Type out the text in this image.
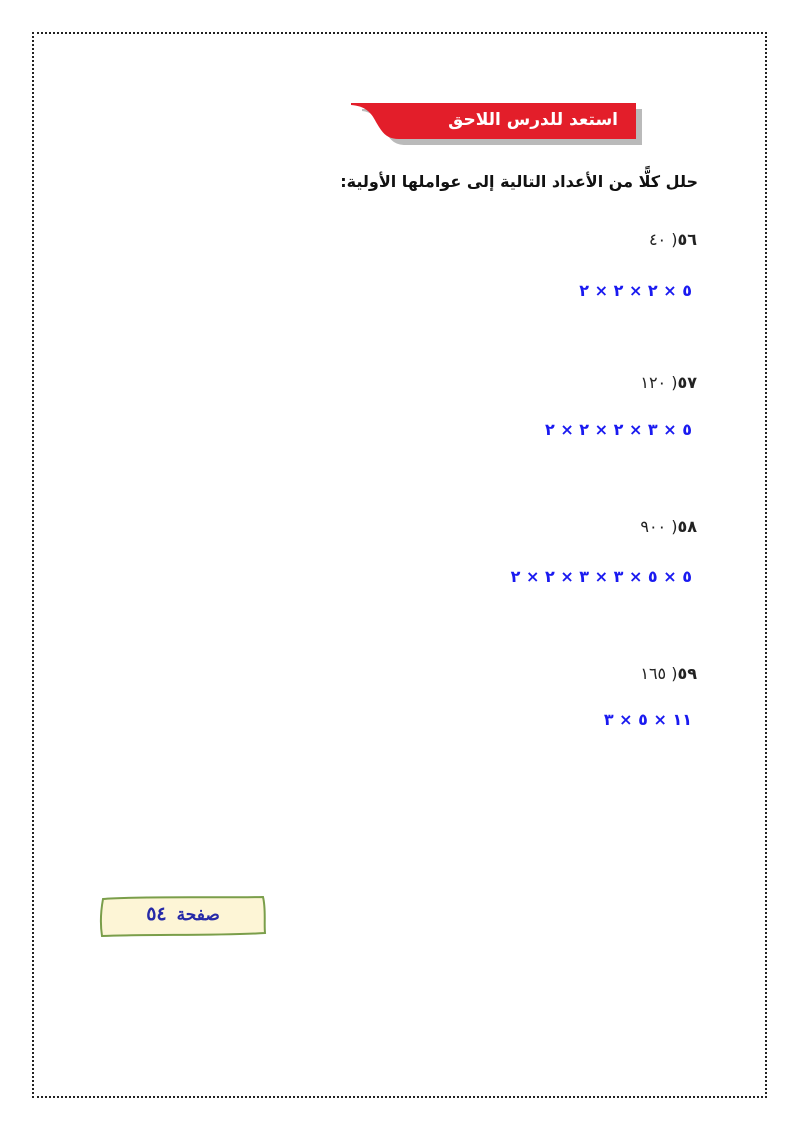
استعد للدرس اللاحق
حلل كلًّا من الأعداد التالية إلى عواملها الأولية:
٥٦( ٤٠
٥ × ٢ × ٢ × ٢
٥٧( ١٢٠
٥ × ٣ × ٢ × ٢ × ٢
٥٨( ٩٠٠
٥ × ٥ × ٣ × ٣ × ٢ × ٢
٥٩( ١٦٥
١١ × ٥ × ٣
صفحة٥٤
